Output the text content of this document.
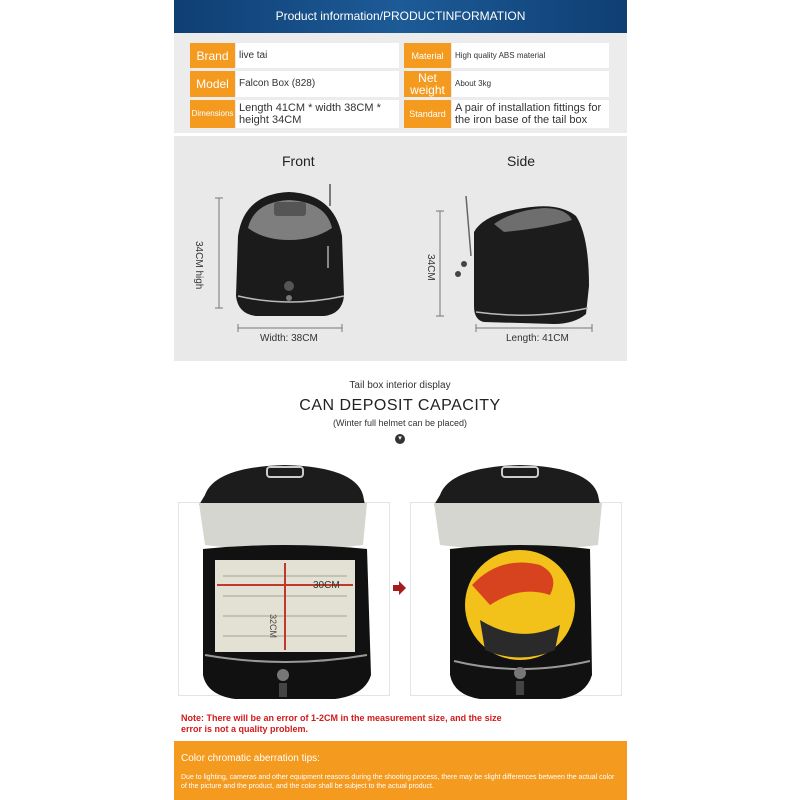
Product information/PRODUCTINFORMATION
Brand	live tai
Model	Falcon Box (828)
Dimensions Length 41CM * width 38CM * height 34CM
Material	High quality ABS material
Net weight	About 3kg
Standard A pair of installation fittings for the iron base of the tail box
Front	Side
34CM high
Width: 38CM
34CM
Length: 41CM
Tail box interior display
CAN DEPOSIT CAPACITY
(Winter full helmet can be placed)
▾
30CM
32CM
Note: There will be an error of 1-2CM in the measurement size, and the size error is not a quality problem.
Color chromatic aberration tips:
Due to lighting, cameras and other equipment reasons during the shooting process, there may be slight differences between the actual color of the picture and the product, and the color shall be subject to the actual product.
